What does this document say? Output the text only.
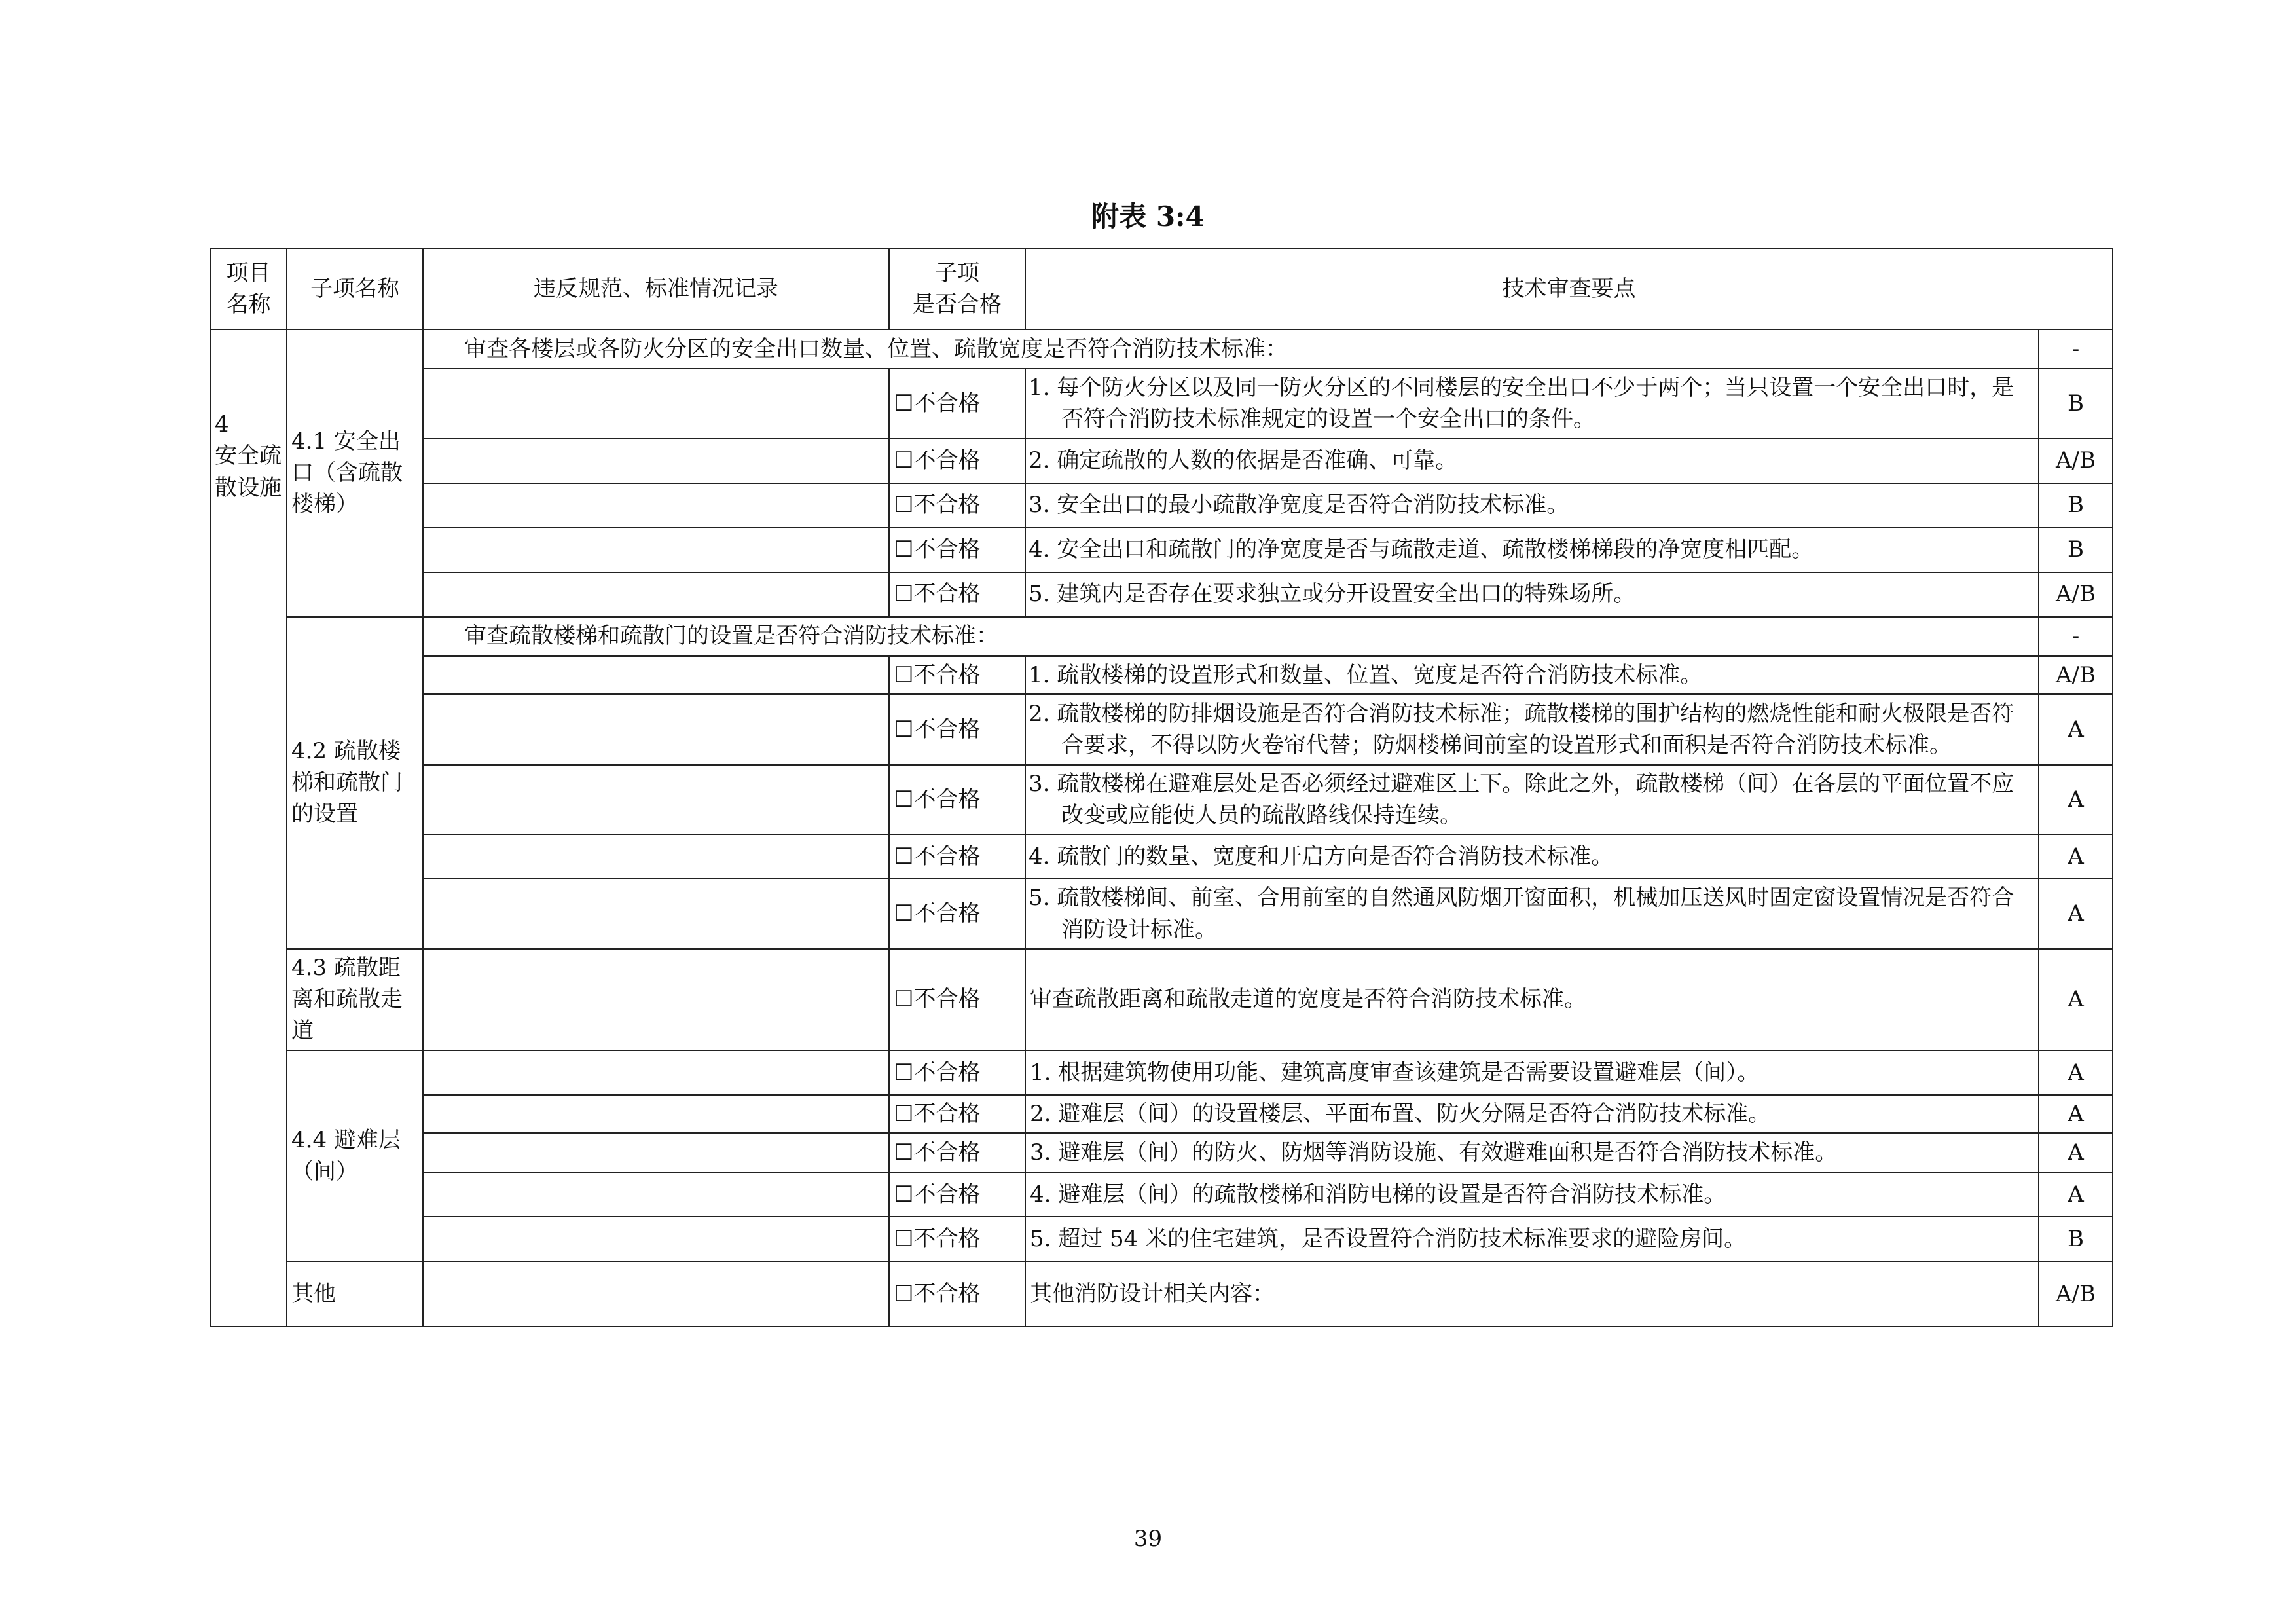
附表 3:4
项目
名称	子项名称	违反规范、标准情况记录	子项
是否合格	技术审查要点	

4
安全疏散设施	4.1 安全出口（含疏散楼梯）	审查各楼层或各防火分区的安全出口数量、位置、疏散宽度是否符合消防技术标准：			-
			☐不合格	1. 每个防火分区以及同一防火分区的不同楼层的安全出口不少于两个；当只设置一个安全出口时，是否符合消防技术标准规定的设置一个安全出口的条件。	B
			☐不合格	2. 确定疏散的人数的依据是否准确、可靠。	A/B
			☐不合格	3. 安全出口的最小疏散净宽度是否符合消防技术标准。	B
			☐不合格	4. 安全出口和疏散门的净宽度是否与疏散走道、疏散楼梯梯段的净宽度相匹配。	B
			☐不合格	5. 建筑内是否存在要求独立或分开设置安全出口的特殊场所。	A/B
	4.2 疏散楼梯和疏散门的设置	审查疏散楼梯和疏散门的设置是否符合消防技术标准：			-
			☐不合格	1. 疏散楼梯的设置形式和数量、位置、宽度是否符合消防技术标准。	A/B
			☐不合格	2. 疏散楼梯的防排烟设施是否符合消防技术标准；疏散楼梯的围护结构的燃烧性能和耐火极限是否符合要求，不得以防火卷帘代替；防烟楼梯间前室的设置形式和面积是否符合消防技术标准。	A
			☐不合格	3. 疏散楼梯在避难层处是否必须经过避难区上下。除此之外，疏散楼梯（间）在各层的平面位置不应改变或应能使人员的疏散路线保持连续。	A
			☐不合格	4. 疏散门的数量、宽度和开启方向是否符合消防技术标准。	A
			☐不合格	5. 疏散楼梯间、前室、合用前室的自然通风防烟开窗面积，机械加压送风时固定窗设置情况是否符合消防设计标准。	A
	4.3 疏散距离和疏散走道		☐不合格	审查疏散距离和疏散走道的宽度是否符合消防技术标准。	A
	4.4 避难层（间）		☐不合格	1. 根据建筑物使用功能、建筑高度审查该建筑是否需要设置避难层（间）。	A
			☐不合格	2. 避难层（间）的设置楼层、平面布置、防火分隔是否符合消防技术标准。	A
			☐不合格	3. 避难层（间）的防火、防烟等消防设施、有效避难面积是否符合消防技术标准。	A
			☐不合格	4. 避难层（间）的疏散楼梯和消防电梯的设置是否符合消防技术标准。	A
			☐不合格	5. 超过 54 米的住宅建筑，是否设置符合消防技术标准要求的避险房间。	B
	其他		☐不合格	其他消防设计相关内容：	A/B
39
